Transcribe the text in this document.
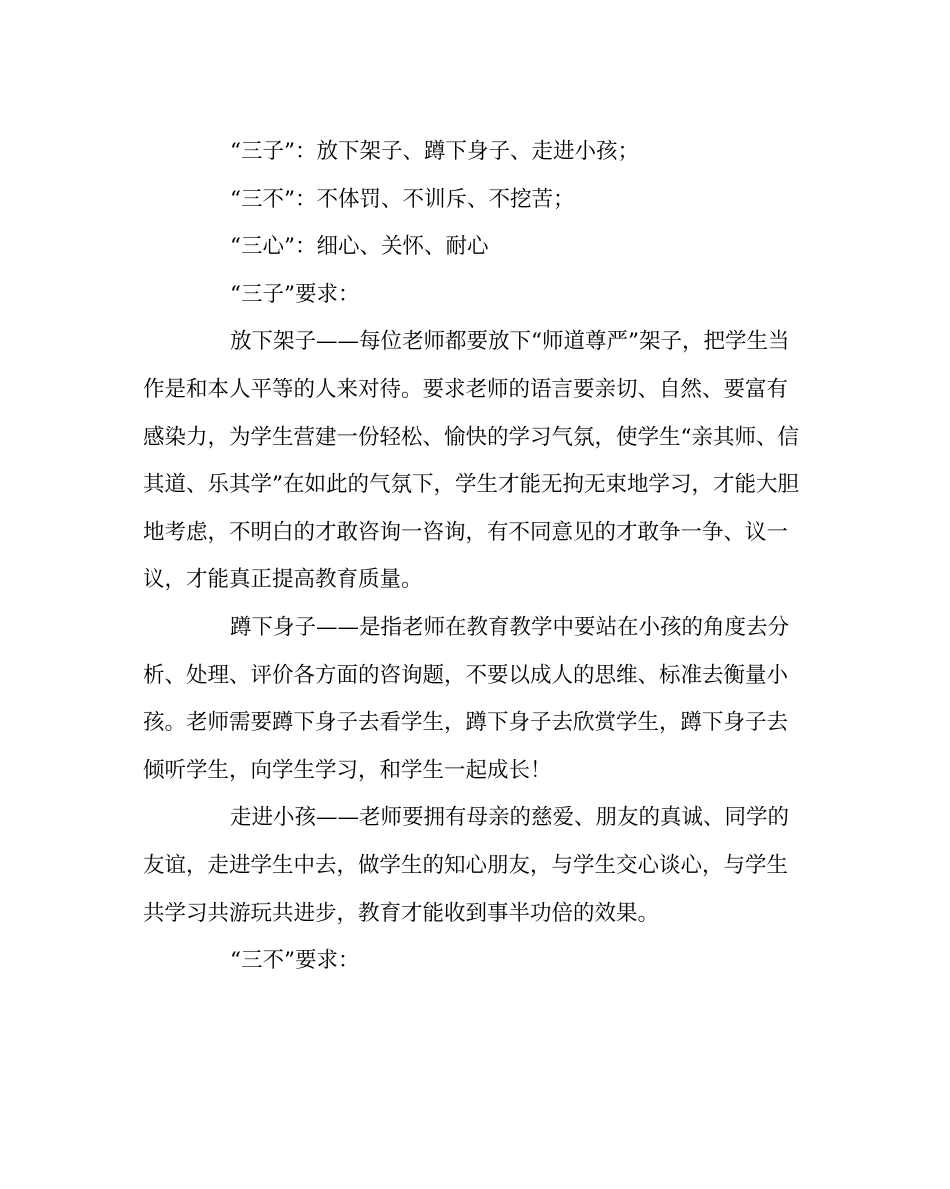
“三子”：放下架子、蹲下身子、走进小孩；

“三不”：不体罚、不训斥、不挖苦；

“三心”：细心、关怀、耐心

“三子”要求：

放下架子——每位老师都要放下“师道尊严”架子，把学生当作是和本人平等的人来对待。要求老师的语言要亲切、自然、要富有感染力，为学生营建一份轻松、愉快的学习气氛，使学生“亲其师、信其道、乐其学”在如此的气氛下，学生才能无拘无束地学习，才能大胆地考虑，不明白的才敢咨询一咨询，有不同意见的才敢争一争、议一议，才能真正提高教育质量。

蹲下身子——是指老师在教育教学中要站在小孩的角度去分析、处理、评价各方面的咨询题，不要以成人的思维、标准去衡量小孩。老师需要蹲下身子去看学生，蹲下身子去欣赏学生，蹲下身子去倾听学生，向学生学习，和学生一起成长！

走进小孩——老师要拥有母亲的慈爱、朋友的真诚、同学的友谊，走进学生中去，做学生的知心朋友，与学生交心谈心，与学生共学习共游玩共进步，教育才能收到事半功倍的效果。

“三不”要求：
